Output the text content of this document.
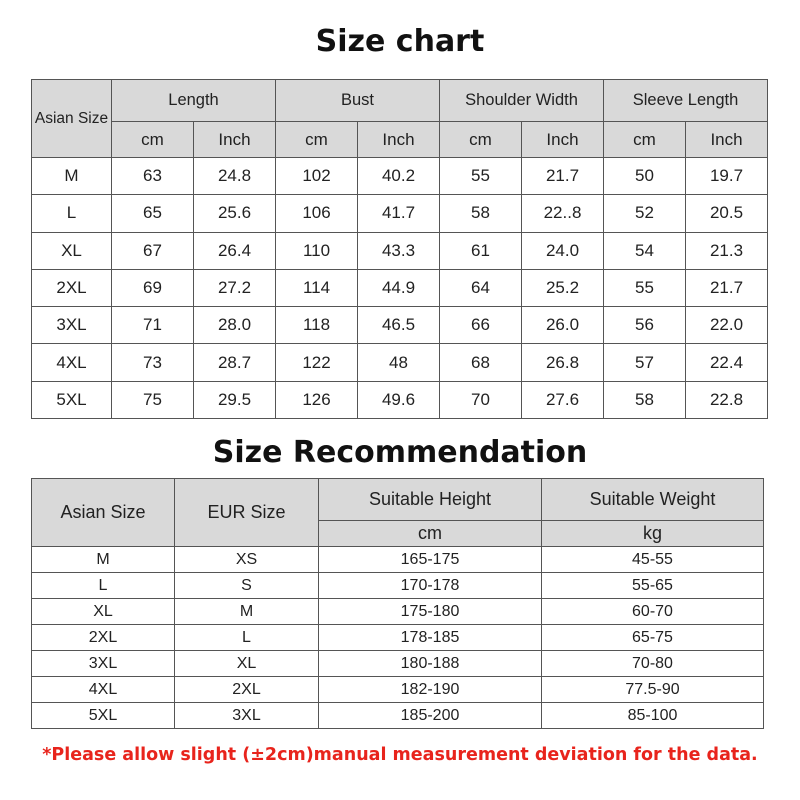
Size chart
Asian Size	Length		Bust		Shoulder Width		Sleeve Length	
	cm	Inch	cm	Inch	cm	Inch	cm	Inch
M	63	24.8	102	40.2	55	21.7	50	19.7
L	65	25.6	106	41.7	58	22..8	52	20.5
XL	67	26.4	110	43.3	61	24.0	54	21.3
2XL	69	27.2	114	44.9	64	25.2	55	21.7
3XL	71	28.0	118	46.5	66	26.0	56	22.0
4XL	73	28.7	122	48	68	26.8	57	22.4
5XL	75	29.5	126	49.6	70	27.6	58	22.8
Size Recommendation
Asian Size	EUR Size	Suitable Height	Suitable Weight
		cm	kg
M	XS	165-175	45-55
L	S	170-178	55-65
XL	M	175-180	60-70
2XL	L	178-185	65-75
3XL	XL	180-188	70-80
4XL	2XL	182-190	77.5-90
5XL	3XL	185-200	85-100
*Please allow slight (±2cm)manual measurement deviation for the data.
